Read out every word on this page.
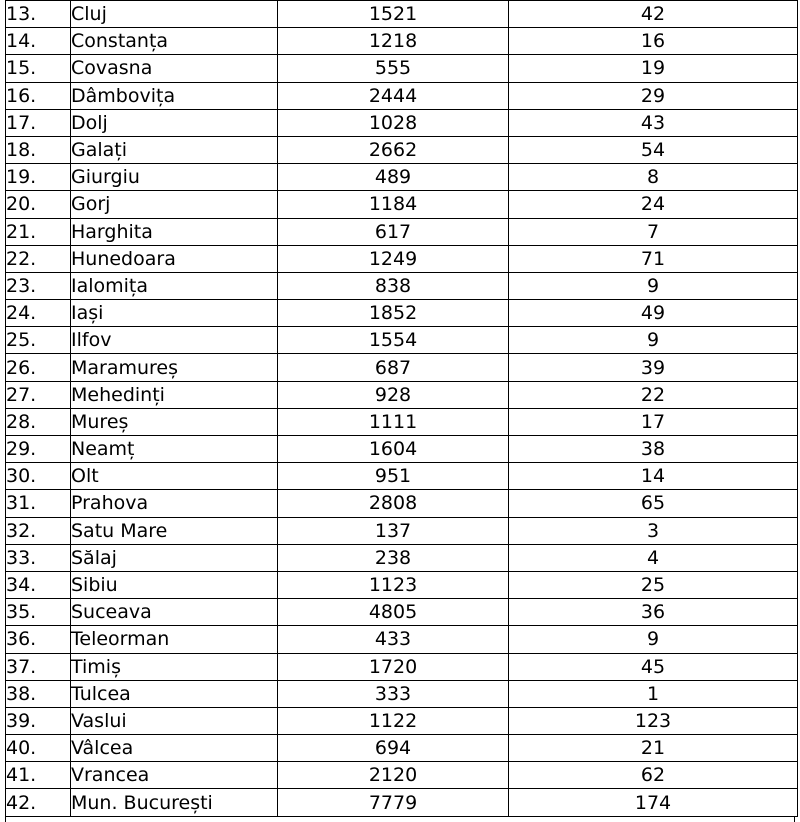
13.	Cluj	1521	42
14.	Constanța	1218	16
15.	Covasna	555	19
16.	Dâmbovița	2444	29
17.	Dolj	1028	43
18.	Galați	2662	54
19.	Giurgiu	489	8
20.	Gorj	1184	24
21.	Harghita	617	7
22.	Hunedoara	1249	71
23.	Ialomița	838	9
24.	Iași	1852	49
25.	Ilfov	1554	9
26.	Maramureș	687	39
27.	Mehedinți	928	22
28.	Mureș	1111	17
29.	Neamț	1604	38
30.	Olt	951	14
31.	Prahova	2808	65
32.	Satu Mare	137	3
33.	Sălaj	238	4
34.	Sibiu	1123	25
35.	Suceava	4805	36
36.	Teleorman	433	9
37.	Timiș	1720	45
38.	Tulcea	333	1
39.	Vaslui	1122	123
40.	Vâlcea	694	21
41.	Vrancea	2120	62
42.	Mun. București	7779	174
